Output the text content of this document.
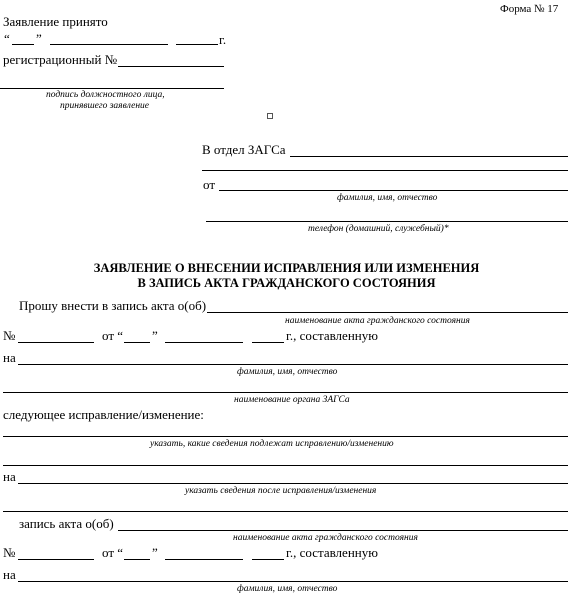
Форма № 17
Заявление принято
“ ”	г.
регистрационный №
подпись должностного лица,
принявшего заявление
В отдел ЗАГСа
от
фамилия, имя, отчество
телефон (домашний, служебный)*
ЗАЯВЛЕНИЕ О ВНЕСЕНИИ ИСПРАВЛЕНИЯ ИЛИ ИЗМЕНЕНИЯ
В ЗАПИСЬ АКТА ГРАЖДАНСКОГО СОСТОЯНИЯ
Прошу внести в запись акта о(об)
наименование акта гражданского состояния
№	от “ ”	г., составленную
на
фамилия, имя, отчество
наименование органа ЗАГСа
следующее исправление/изменение:
указать, какие сведения подлежат исправлению/изменению
на
указать сведения после исправления/изменения
запись акта о(об)
наименование акта гражданского состояния
№	от “ ”	г., составленную
на
фамилия, имя, отчество
